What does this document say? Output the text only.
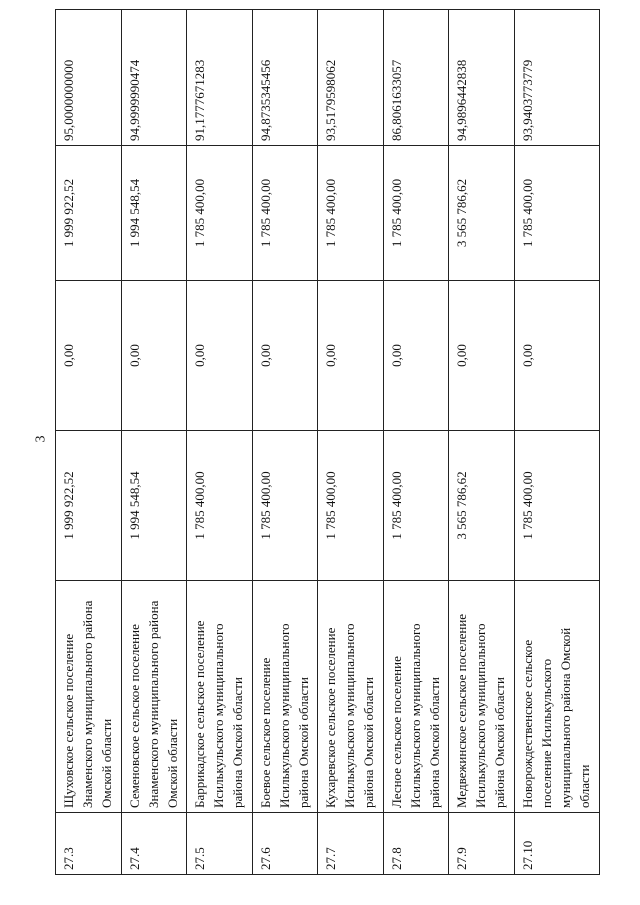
3
27.3	Щуховское сельское поселение Знаменского муниципального района Омской области	1 999 922,52	0,00	1 999 922,52	95,0000000000
27.4	Семеновское сельское поселение Знаменского муниципального района Омской области	1 994 548,54	0,00	1 994 548,54	94,9999990474
27.5	Баррикадское сельское поселение Исилькульского муниципального района Омской области	1 785 400,00	0,00	1 785 400,00	91,1777671283
27.6	Боевое сельское поселение Исилькульского муниципального района Омской области	1 785 400,00	0,00	1 785 400,00	94,8735345456
27.7	Кухаревское сельское поселение Исилькульского муниципального района Омской области	1 785 400,00	0,00	1 785 400,00	93,5179598062
27.8	Лесное сельское поселение Исилькульского муниципального района Омской области	1 785 400,00	0,00	1 785 400,00	86,8061633057
27.9	Медвежинское сельское поселение Исилькульского муниципального района Омской области	3 565 786,62	0,00	3 565 786,62	94,9896442838
27.10	Новорождественское сельское поселение Исилькульского муниципального района Омской области	1 785 400,00	0,00	1 785 400,00	93,9403773779
